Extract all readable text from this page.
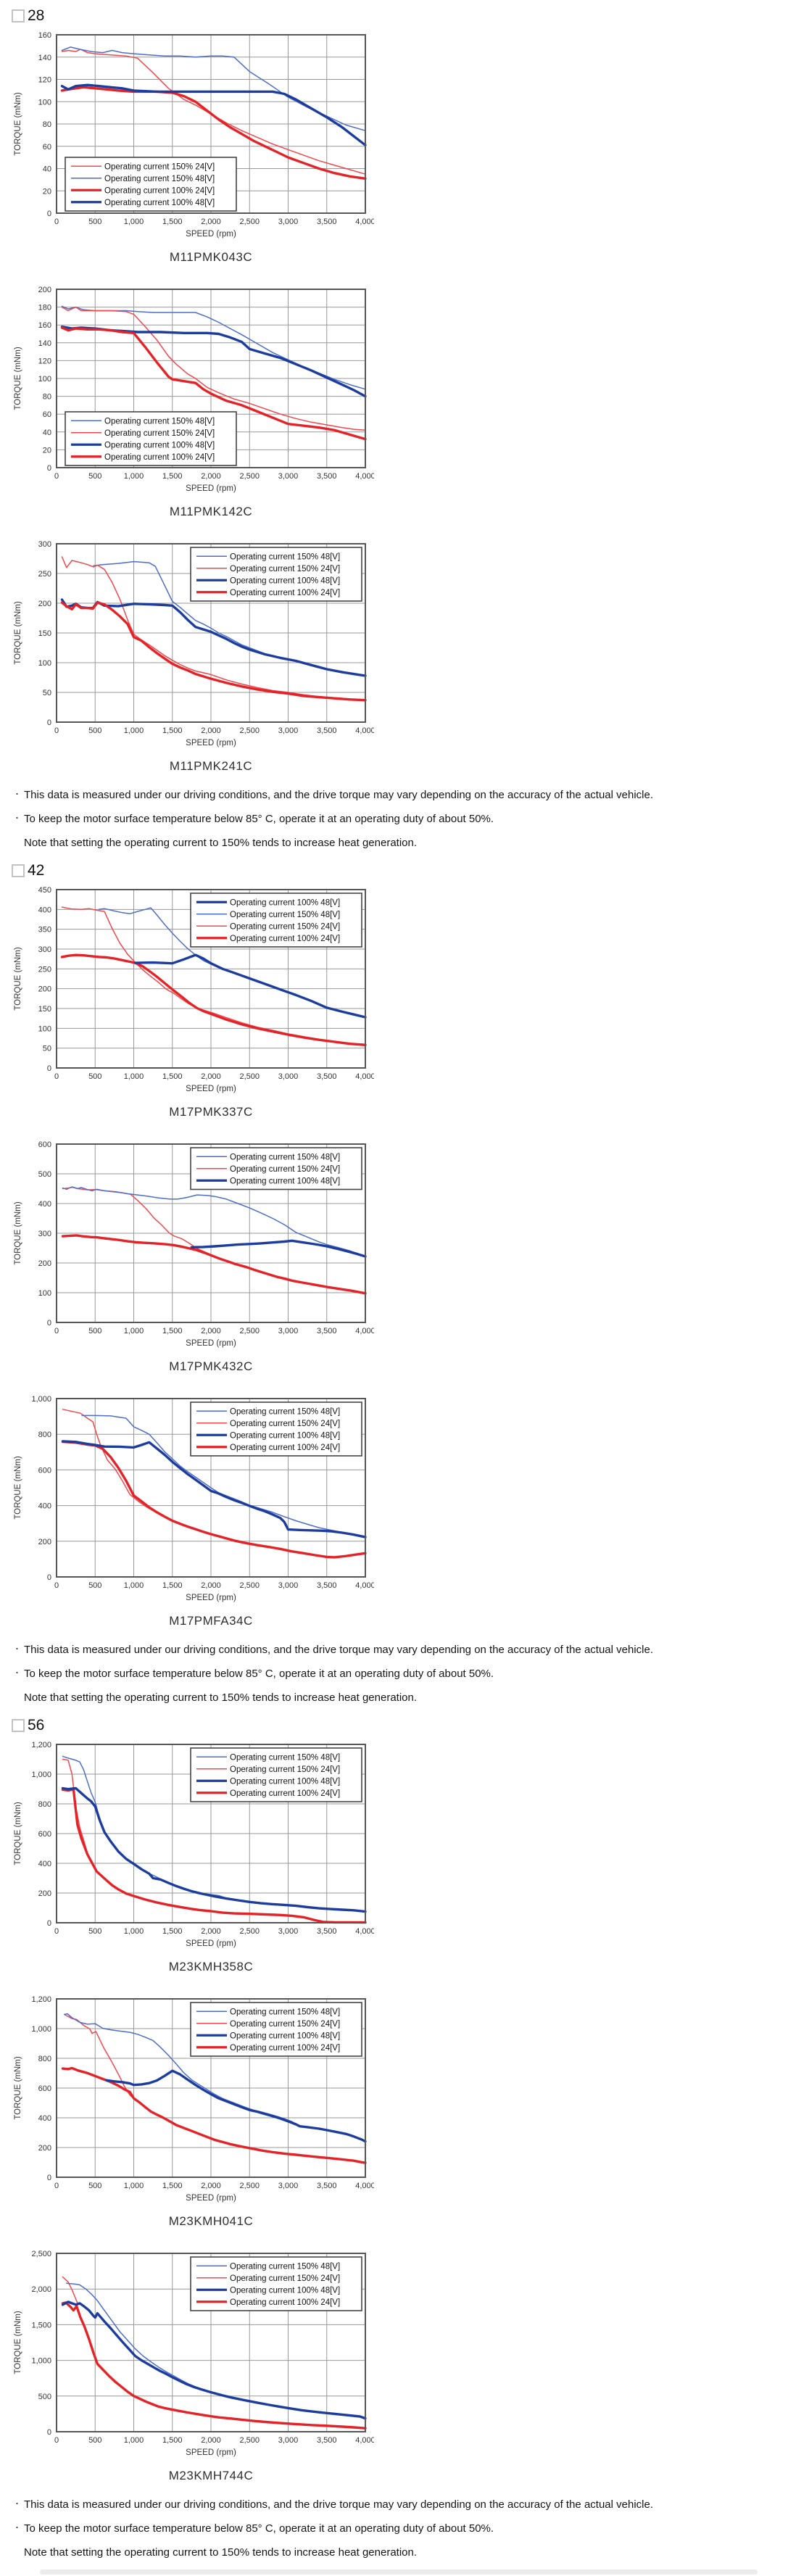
28
0	500	1,000 1,500 2,000 2,500 3,000 3,500 4,000
0
20
40
60
80
100
120
140
160
SPEED (rpm)
TORQUE (mNm)
Operating current 150% 24[V]
Operating current 150% 48[V]
Operating current 100% 24[V]
Operating current 100% 48[V]
M11PMK043C
0	500	1,000 1,500 2,000 2,500 3,000 3,500 4,000
0
20
40
60
80
100
120
140
160
180
200
SPEED (rpm)
TORQUE (mNm)
Operating current 150% 48[V]
Operating current 150% 24[V]
Operating current 100% 48[V]
Operating current 100% 24[V]
M11PMK142C
0	500	1,000 1,500 2,000 2,500 3,000 3,500 4,000
0
50
100
150
200
250
300
SPEED (rpm)
TORQUE (mNm)
Operating current 150% 48[V]
Operating current 150% 24[V]
Operating current 100% 48[V]
Operating current 100% 24[V]
M11PMK241C
・ This data is measured under our driving conditions, and the drive torque may vary depending on the accuracy of the actual vehicle.
・ To keep the motor surface temperature below 85° C, operate it at an operating duty of about 50%.
Note that setting the operating current to 150% tends to increase heat generation.
42
0	500	1,000 1,500 2,000 2,500 3,000 3,500 4,000
0
50
100
150
200
250
300
350
400
450
SPEED (rpm)
TORQUE (mNm)
Operating current 100% 48[V]
Operating current 150% 48[V]
Operating current 150% 24[V]
Operating current 100% 24[V]
M17PMK337C
0	500	1,000 1,500 2,000 2,500 3,000 3,500 4,000
0
100
200
300
400
500
600
SPEED (rpm)
TORQUE (mNm)
Operating current 150% 48[V]
Operating current 150% 24[V]
Operating current 100% 48[V]
M17PMK432C
0	500	1,000 1,500 2,000 2,500 3,000 3,500 4,000
0
200
400
600
800
1,000
SPEED (rpm)
TORQUE (mNm)
Operating current 150% 48[V]
Operating current 150% 24[V]
Operating current 100% 48[V]
Operating current 100% 24[V]
M17PMFA34C
・ This data is measured under our driving conditions, and the drive torque may vary depending on the accuracy of the actual vehicle.
・ To keep the motor surface temperature below 85° C, operate it at an operating duty of about 50%.
Note that setting the operating current to 150% tends to increase heat generation.
56
0	500	1,000 1,500 2,000 2,500 3,000 3,500 4,000
0
200
400
600
800
1,000
1,200
SPEED (rpm)
TORQUE (mNm)
Operating current 150% 48[V]
Operating current 150% 24[V]
Operating current 100% 48[V]
Operating current 100% 24[V]
M23KMH358C
0	500	1,000 1,500 2,000 2,500 3,000 3,500 4,000
0
200
400
600
800
1,000
1,200
SPEED (rpm)
TORQUE (mNm)
Operating current 150% 48[V]
Operating current 150% 24[V]
Operating current 100% 48[V]
Operating current 100% 24[V]
M23KMH041C
0	500	1,000 1,500 2,000 2,500 3,000 3,500 4,000
0
500
1,000
1,500
2,000
2,500
SPEED (rpm)
TORQUE (mNm)
Operating current 150% 48[V]
Operating current 150% 24[V]
Operating current 100% 48[V]
Operating current 100% 24[V]
M23KMH744C
・ This data is measured under our driving conditions, and the drive torque may vary depending on the accuracy of the actual vehicle.
・ To keep the motor surface temperature below 85° C, operate it at an operating duty of about 50%.
Note that setting the operating current to 150% tends to increase heat generation.
